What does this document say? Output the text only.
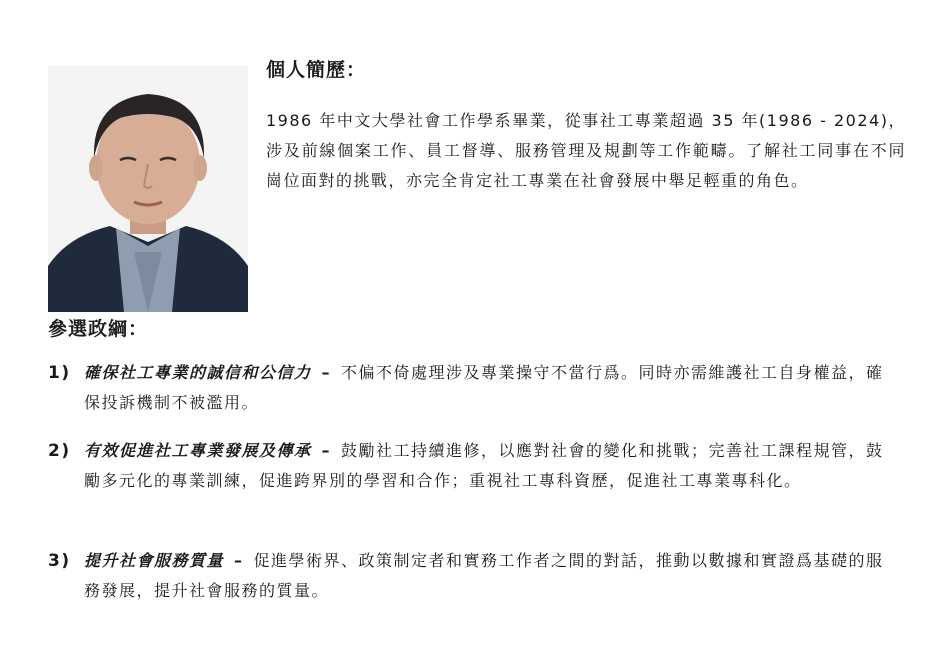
個人簡歷：
1986 年中文大學社會工作學系畢業，從事社工專業超過 35 年(1986 - 2024)，涉及前線個案工作、員工督導、服務管理及規劃等工作範疇。了解社工同事在不同崗位面對的挑戰，亦完全肯定社工專業在社會發展中舉足輕重的角色。
參選政綱：
1) 確保社工專業的誠信和公信力 – 不偏不倚處理涉及專業操守不當行爲。同時亦需維護社工自身權益，確保投訴機制不被濫用。
2) 有效促進社工專業發展及傳承 – 鼓勵社工持續進修，以應對社會的變化和挑戰；完善社工課程規管，鼓勵多元化的專業訓練，促進跨界別的學習和合作；重視社工專科資歷，促進社工專業專科化。
3) 提升社會服務質量 – 促進學術界、政策制定者和實務工作者之間的對話，推動以數據和實證爲基礎的服務發展，提升社會服務的質量。
